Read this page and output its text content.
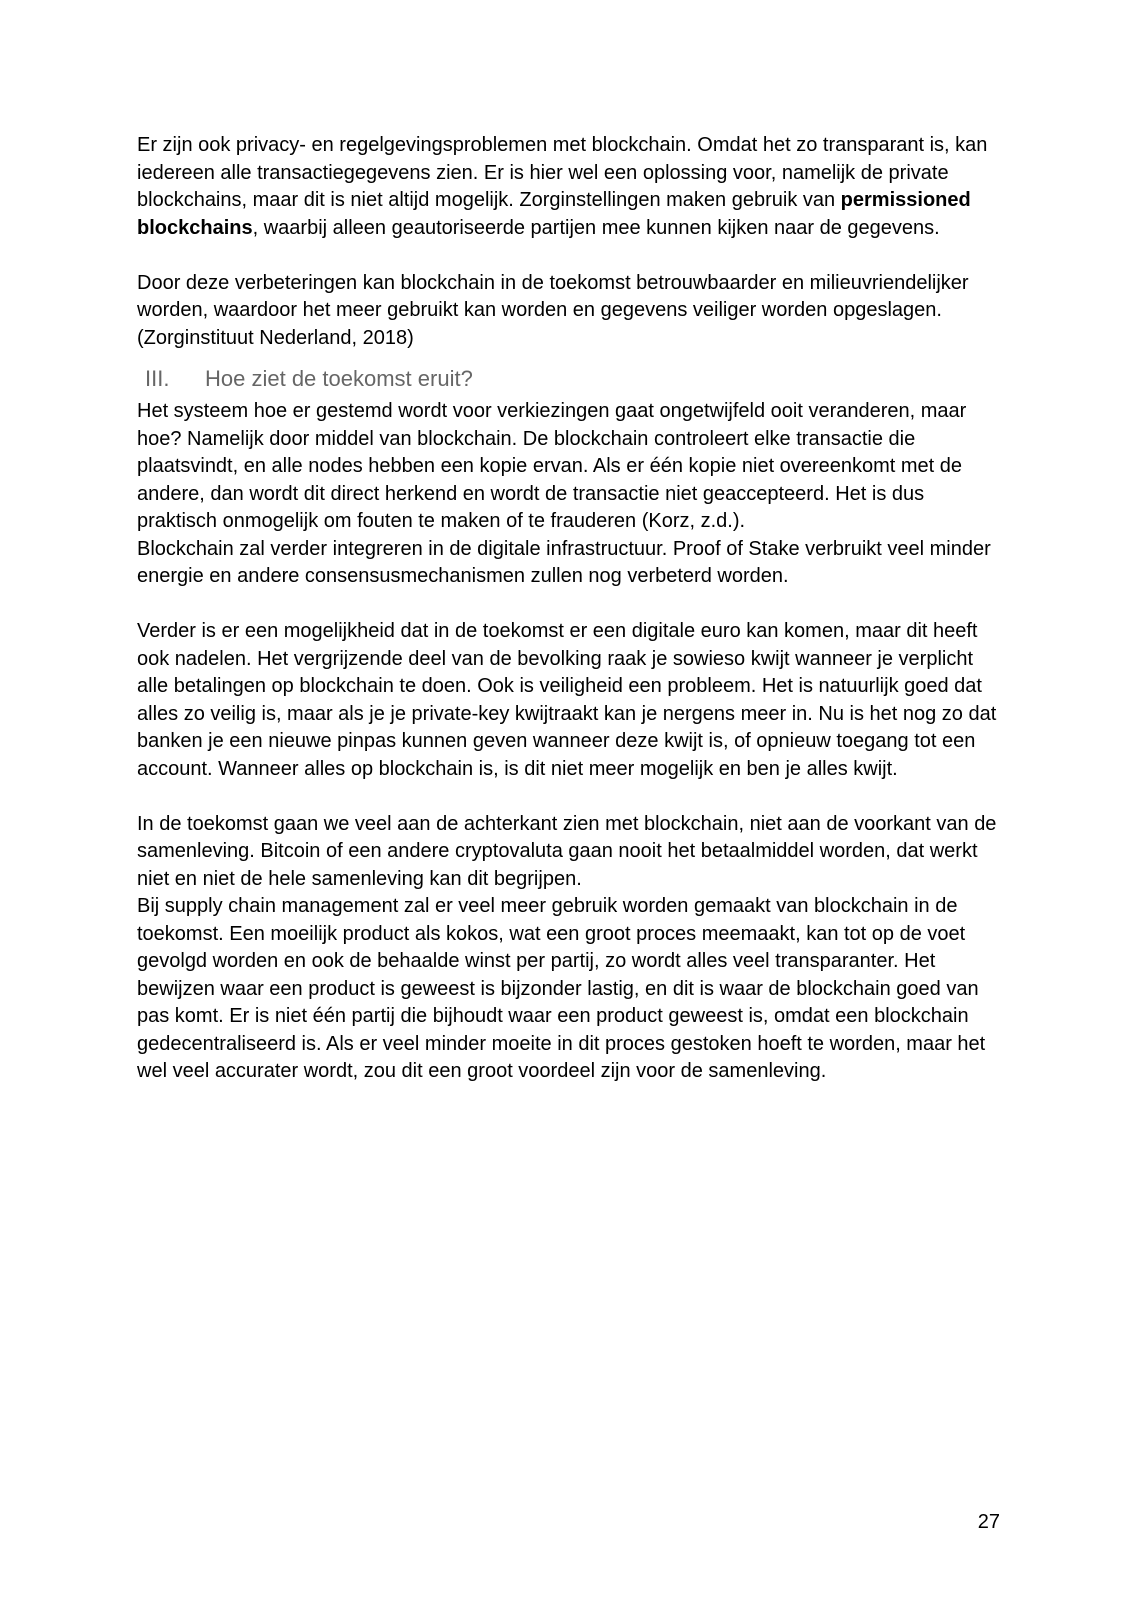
Er zijn ook privacy- en regelgevingsproblemen met blockchain. Omdat het zo transparant is, kan iedereen alle transactiegegevens zien. Er is hier wel een oplossing voor, namelijk de private blockchains, maar dit is niet altijd mogelijk. Zorginstellingen maken gebruik van permissioned blockchains, waarbij alleen geautoriseerde partijen mee kunnen kijken naar de gegevens.

Door deze verbeteringen kan blockchain in de toekomst betrouwbaarder en milieuvriendelijker worden, waardoor het meer gebruikt kan worden en gegevens veiliger worden opgeslagen.

(Zorginstituut Nederland, 2018)

III. Hoe ziet de toekomst eruit?

Het systeem hoe er gestemd wordt voor verkiezingen gaat ongetwijfeld ooit veranderen, maar hoe? Namelijk door middel van blockchain. De blockchain controleert elke transactie die plaatsvindt, en alle nodes hebben een kopie ervan. Als er één kopie niet overeenkomt met de andere, dan wordt dit direct herkend en wordt de transactie niet geaccepteerd. Het is dus praktisch onmogelijk om fouten te maken of te frauderen (Korz, z.d.).

Blockchain zal verder integreren in de digitale infrastructuur. Proof of Stake verbruikt veel minder energie en andere consensusmechanismen zullen nog verbeterd worden.

Verder is er een mogelijkheid dat in de toekomst er een digitale euro kan komen, maar dit heeft ook nadelen. Het vergrijzende deel van de bevolking raak je sowieso kwijt wanneer je verplicht alle betalingen op blockchain te doen. Ook is veiligheid een probleem. Het is natuurlijk goed dat alles zo veilig is, maar als je je private-key kwijtraakt kan je nergens meer in. Nu is het nog zo dat banken je een nieuwe pinpas kunnen geven wanneer deze kwijt is, of opnieuw toegang tot een account. Wanneer alles op blockchain is, is dit niet meer mogelijk en ben je alles kwijt.

In de toekomst gaan we veel aan de achterkant zien met blockchain, niet aan de voorkant van de samenleving. Bitcoin of een andere cryptovaluta gaan nooit het betaalmiddel worden, dat werkt niet en niet de hele samenleving kan dit begrijpen.

Bij supply chain management zal er veel meer gebruik worden gemaakt van blockchain in de toekomst. Een moeilijk product als kokos, wat een groot proces meemaakt, kan tot op de voet gevolgd worden en ook de behaalde winst per partij, zo wordt alles veel transparanter. Het bewijzen waar een product is geweest is bijzonder lastig, en dit is waar de blockchain goed van pas komt. Er is niet één partij die bijhoudt waar een product geweest is, omdat een blockchain gedecentraliseerd is. Als er veel minder moeite in dit proces gestoken hoeft te worden, maar het wel veel accurater wordt, zou dit een groot voordeel zijn voor de samenleving.

27
